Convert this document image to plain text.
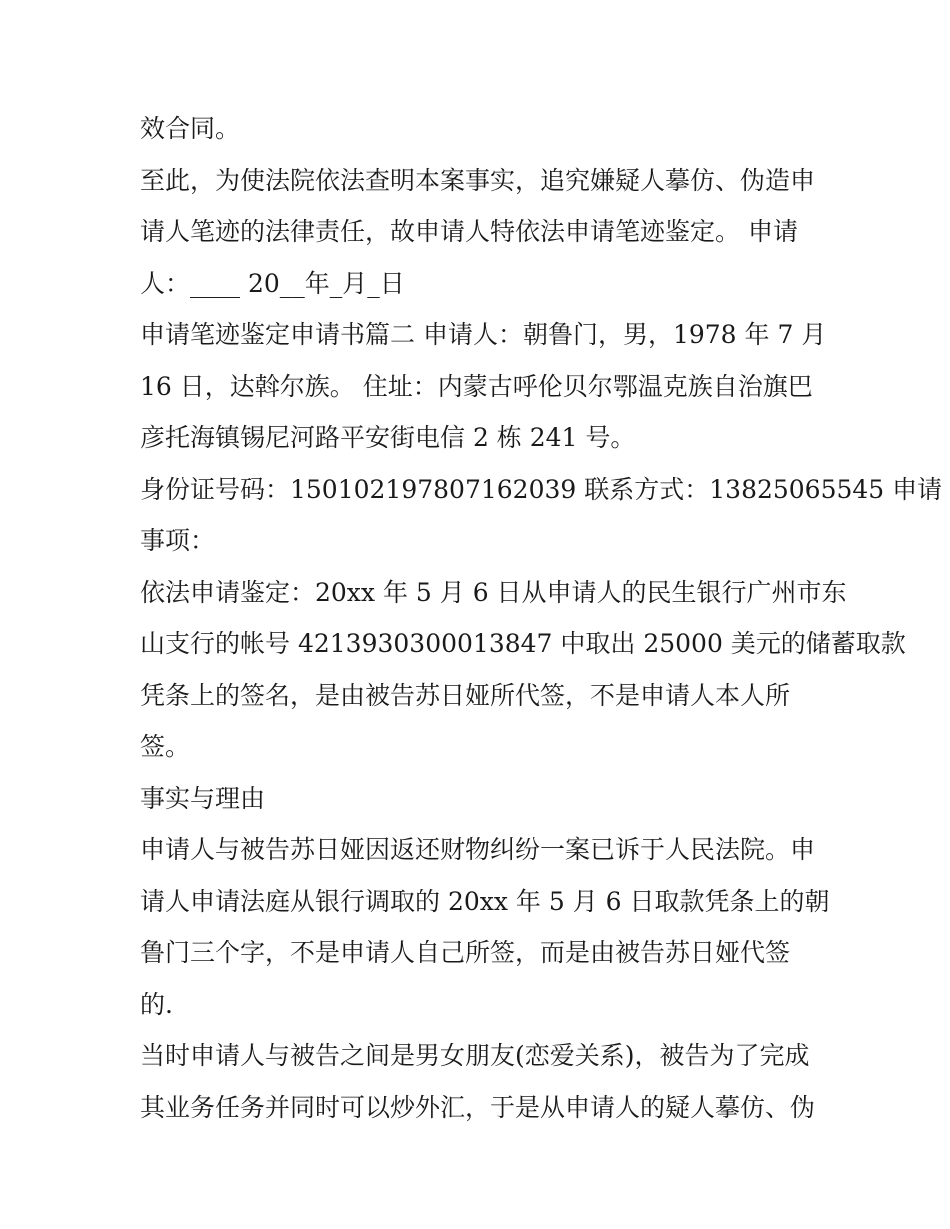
效合同。
至此，为使法院依法查明本案事实，追究嫌疑人摹仿、伪造申
请人笔迹的法律责任，故申请人特依法申请笔迹鉴定。 申请
人：____ 20__年_月_日
申请笔迹鉴定申请书篇二 申请人：朝鲁门，男，1978 年 7 月
16 日，达斡尔族。 住址：内蒙古呼伦贝尔鄂温克族自治旗巴
彦托海镇锡尼河路平安街电信 2 栋 241 号。
身份证号码：150102197807162039 联系方式：13825065545 申请
事项：
依法申请鉴定：20xx 年 5 月 6 日从申请人的民生银行广州市东
山支行的帐号 4213930300013847 中取出 25000 美元的储蓄取款
凭条上的签名，是由被告苏日娅所代签，不是申请人本人所
签。
事实与理由
申请人与被告苏日娅因返还财物纠纷一案已诉于人民法院。申
请人申请法庭从银行调取的 20xx 年 5 月 6 日取款凭条上的朝
鲁门三个字，不是申请人自己所签，而是由被告苏日娅代签
的.
当时申请人与被告之间是男女朋友(恋爱关系)，被告为了完成
其业务任务并同时可以炒外汇，于是从申请人的疑人摹仿、伪
